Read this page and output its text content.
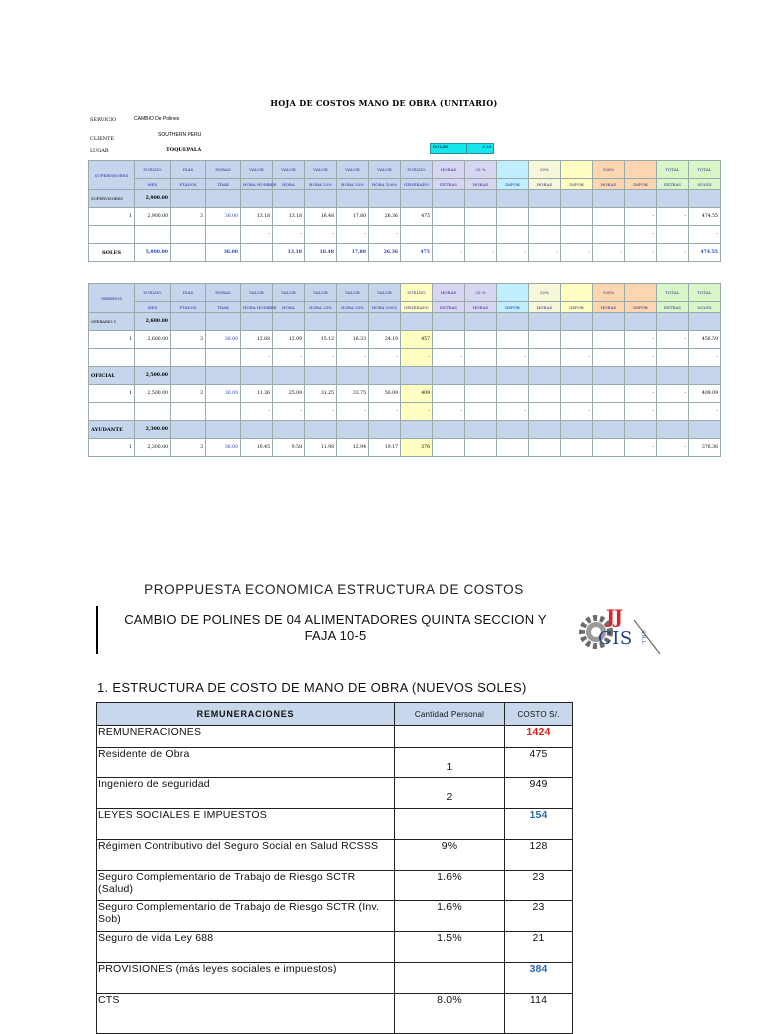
HOJA DE COSTOS MANO DE OBRA (UNITARIO)
SERVICIO	CAMBIO De Polines
CLIENTE
SOUTHERN PERU
LUGAR	TOQUEPALA
DOLAR	3.30
SUPERVISORES	SUELDO	DIAS	HORAS	VALOR	VALOR	VALOR	VALOR	VALOR	SUELDO	HORAS	25 %		35%		100%		TOTAL	TOTAL
	MES	PTADOS	TRAB	HORA HOMBRE	HORA	HORA 25%	HORA 35%	HORA 100%	GENERADO	EXTRAS	HORAS	IMPOR	HORAS	IMPOR	HORAS	IMPOR	EXTRAS	SOLES
SUPERVISORES	2,900.00																	
1	2,900.00	3	36.00	13.18	13.18	16.48	17.80	26.36	475							-	-	474.55
				-	-	-	-	-								-		-
SOLES	5,800.00		36.00		13.18	16.48	17.80	26.36	475	-	-	-	-	-	-	-	-	474.55
OBREROS	SUELDO	DIAS	HORAS	VALOR	VALOR	VALOR	VALOR	VALOR	SUELDO	HORAS	25 %		35%		100%		TOTAL	TOTAL
	MES	PTADOS	TRAB	HORA HOMBRE	HORA	HORA 25%	HORA 35%	HORA 100%	GENERADO	EXTRAS	HORAS	IMPOR	HORAS	IMPOR	HORAS	IMPOR	EXTRAS	SOLES
OPERARIO 1	2,600.00																	
1	2,600.00	3	36.00	12.68	12.09	15.12	16.33	24.19	457							-	-	456.59
				-	-	-	-	-	-	-		-		-		-		-
OFICIAL	2,500.00																	
1	2,500.00	3	36.00	11.36	25.00	31.25	33.75	50.00	409							-	-	409.09
				-	-	-	-	-	-	-		-		-		-		-
AYUDANTE	2,300.00																	
1	2,300.00	3	36.00	10.45	9.58	11.98	12.94	19.17	376							-	-	376.36
PROPPUESTA ECONOMICA ESTRUCTURA DE COSTOS
CAMBIO DE POLINES DE 04 ALIMENTADORES QUINTA SECCION Y FAJA 10-5
JJ
CIS S.R.L.
1. ESTRUCTURA DE COSTO DE MANO DE OBRA (NUEVOS SOLES)
REMUNERACIONES	Cantidad Personal	COSTO S/.
REMUNERACIONES		1424
Residente de Obra	1	475
Ingeniero de seguridad	2	949
LEYES SOCIALES E IMPUESTOS		154
Régimen Contributivo del Seguro Social en Salud RCSSS	9%	128
Seguro Complementario de Trabajo de Riesgo SCTR (Salud)	1.6%	23
Seguro Complementario de Trabajo de Riesgo SCTR (Inv. Sob)	1.6%	23
Seguro de vida Ley 688	1.5%	21
PROVISIONES (más leyes sociales e impuestos)		384
CTS	8.0%	114
